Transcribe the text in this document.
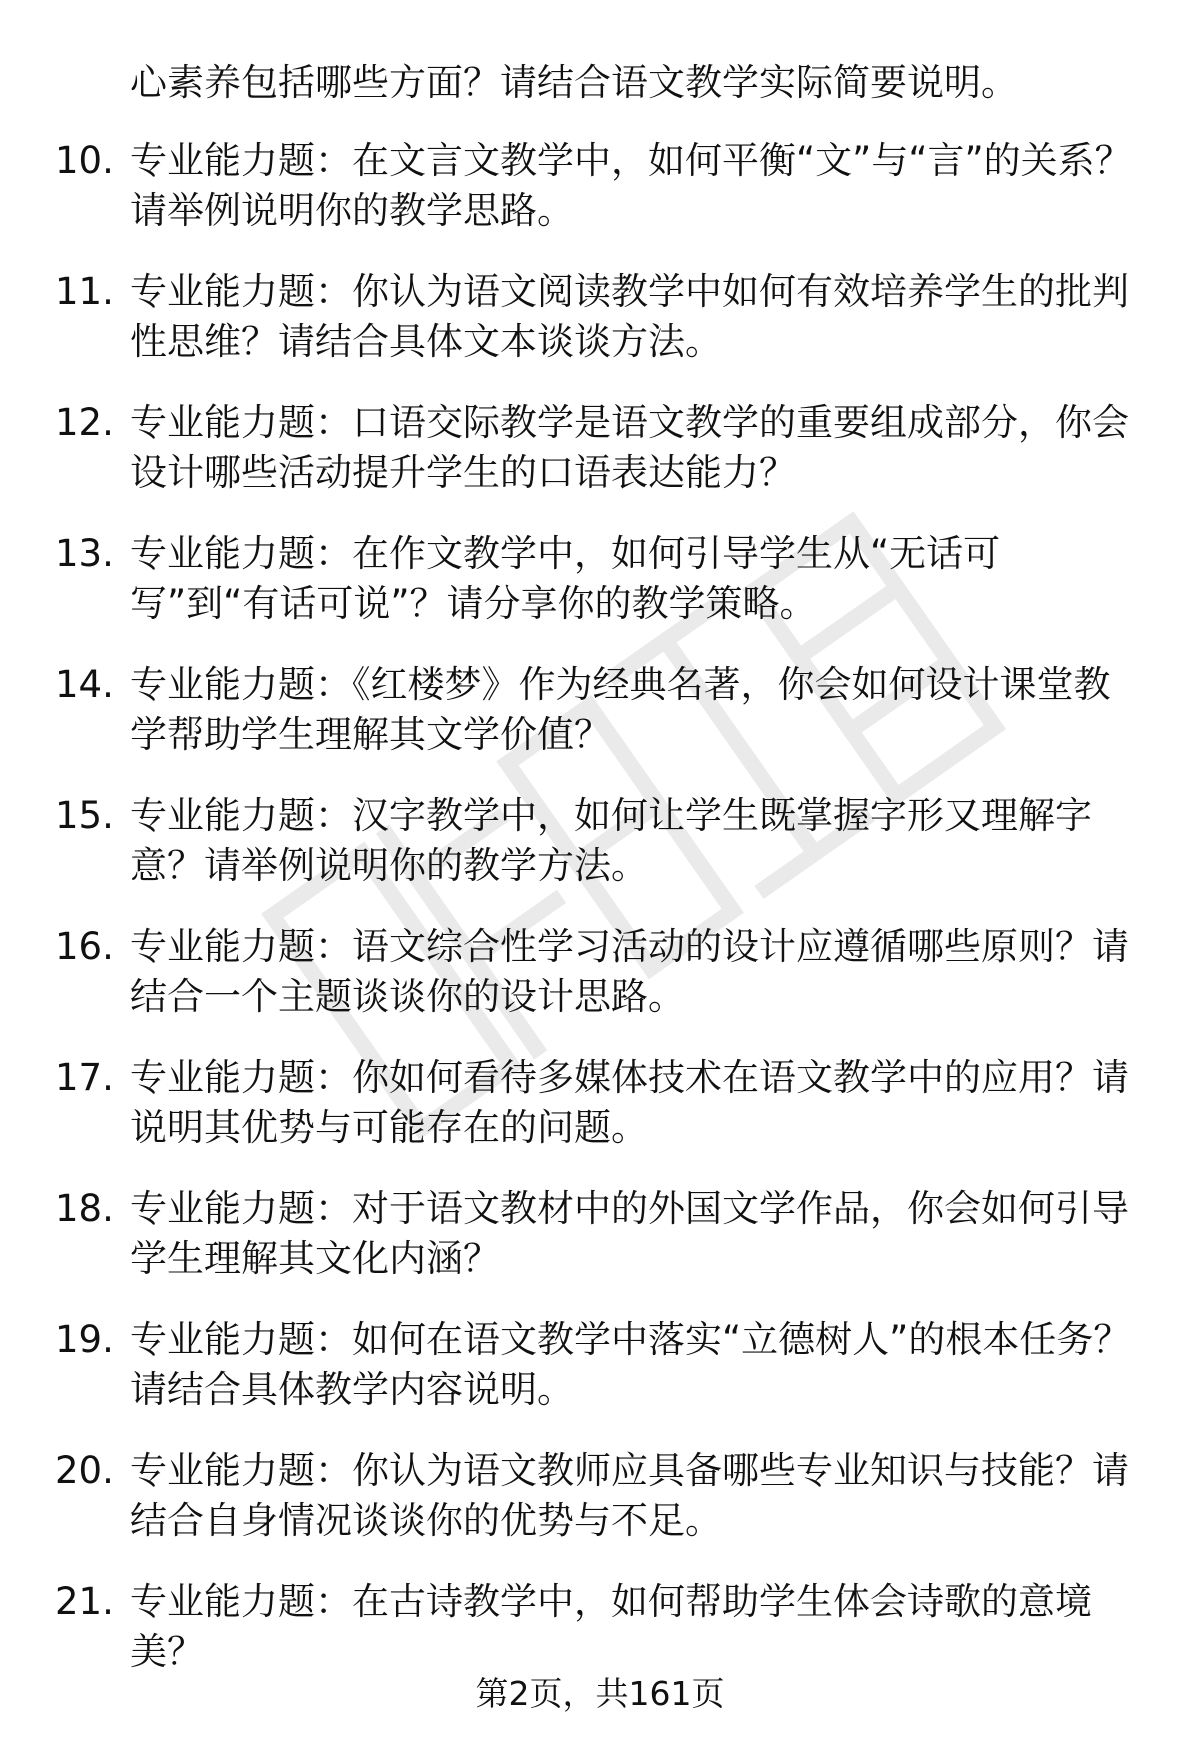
心素养包括哪些方面？请结合语文教学实际简要说明。

10. 专业能力题：在文言文教学中，如何平衡“文”与“言”的关系？请举例说明你的教学思路。

11. 专业能力题：你认为语文阅读教学中如何有效培养学生的批判性思维？请结合具体文本谈谈方法。

12. 专业能力题：口语交际教学是语文教学的重要组成部分，你会设计哪些活动提升学生的口语表达能力？

13. 专业能力题：在作文教学中，如何引导学生从“无话可写”到“有话可说”？请分享你的教学策略。

14. 专业能力题：《红楼梦》作为经典名著，你会如何设计课堂教学帮助学生理解其文学价值？

15. 专业能力题：汉字教学中，如何让学生既掌握字形又理解字意？请举例说明你的教学方法。

16. 专业能力题：语文综合性学习活动的设计应遵循哪些原则？请结合一个主题谈谈你的设计思路。

17. 专业能力题：你如何看待多媒体技术在语文教学中的应用？请说明其优势与可能存在的问题。

18. 专业能力题：对于语文教材中的外国文学作品，你会如何引导学生理解其文化内涵？

19. 专业能力题：如何在语文教学中落实“立德树人”的根本任务？请结合具体教学内容说明。

20. 专业能力题：你认为语文教师应具备哪些专业知识与技能？请结合自身情况谈谈你的优势与不足。

21. 专业能力题：在古诗教学中，如何帮助学生体会诗歌的意境美？

第2页，共161页
